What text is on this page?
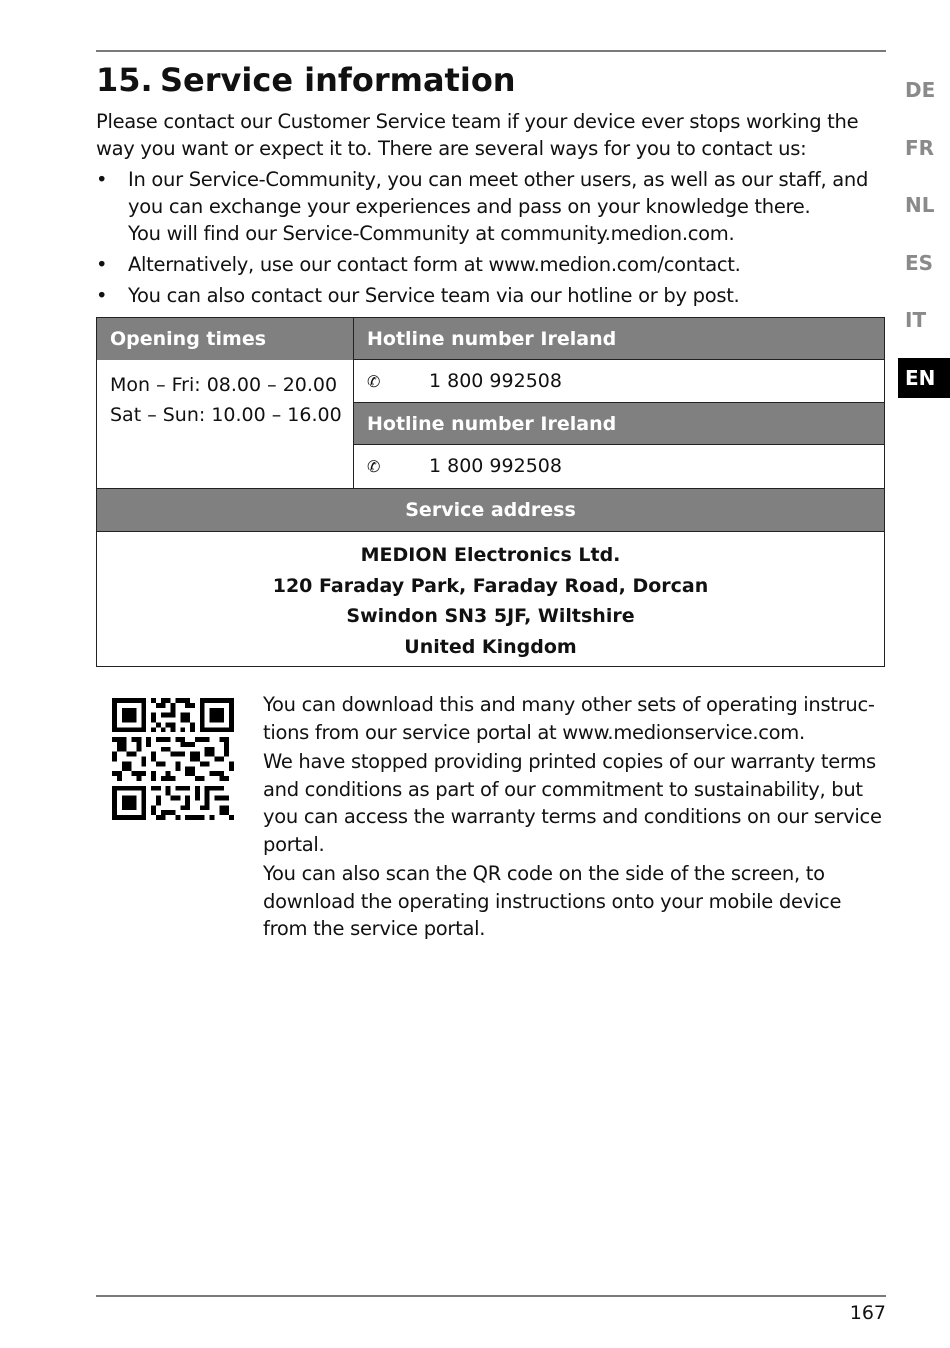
15. Service information

Please contact our Customer Service team if your device ever stops working the way you want or expect it to. There are several ways for you to contact us:

• In our Service-Community, you can meet other users, as well as our staff, and
you can exchange your experiences and pass on your knowledge there.
You will find our Service-Community at community.medion.com.
• Alternatively, use our contact form at www.medion.com/contact.
• You can also contact our Service team via our hotline or by post.
Opening times
Mon – Fri: 08.00 – 20.00
Sat – Sun: 10.00 – 16.00
Hotline number Ireland
✆	1 800 992508
Hotline number Ireland
✆	1 800 992508
Service address
MEDION Electronics Ltd.
120 Faraday Park, Faraday Road, Dorcan
Swindon SN3 5JF, Wiltshire
United Kingdom

You can download this and many other sets of operating instruc-
tions from our service portal at www.medionservice.com.

We have stopped providing printed copies of our warranty terms
and conditions as part of our commitment to sustainability, but
you can access the warranty terms and conditions on our service
portal.

You can also scan the QR code on the side of the screen, to
download the operating instructions onto your mobile device
from the service portal.

DE
FR
NL
ES
IT
EN
167
